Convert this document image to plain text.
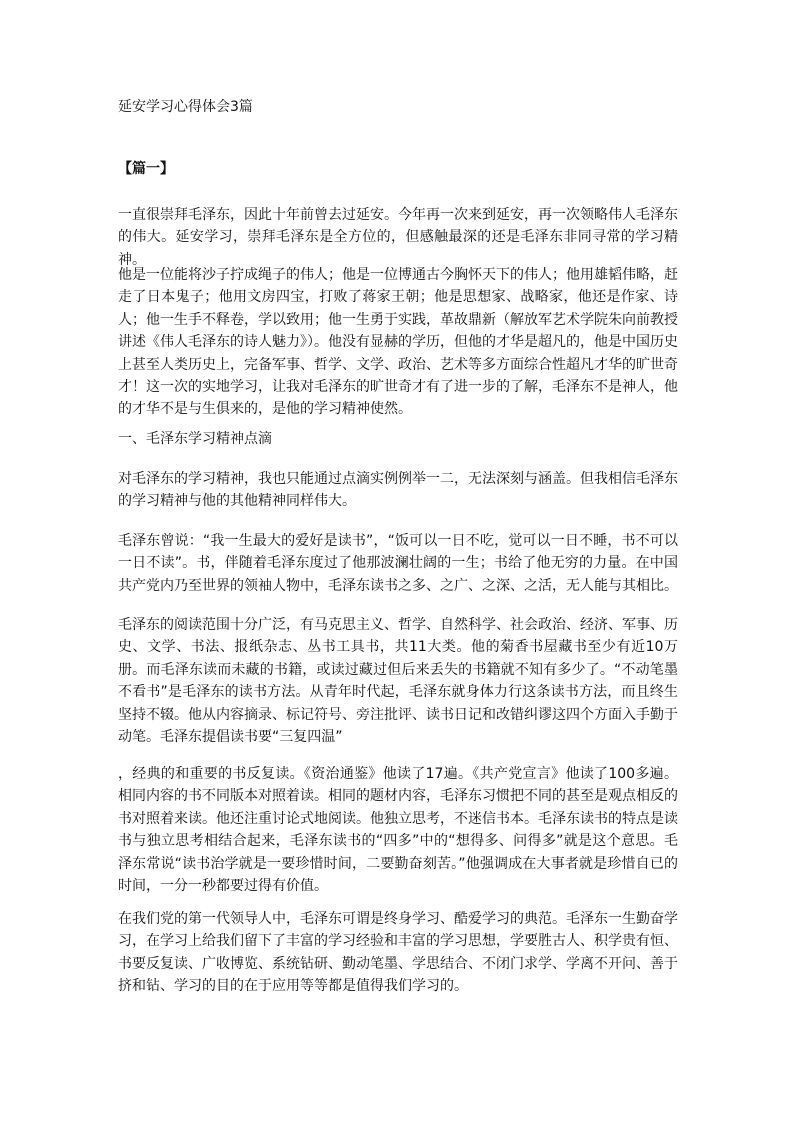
延安学习心得体会3篇
【篇一】

一直很崇拜毛泽东，因此十年前曾去过延安。今年再一次来到延安，再一次领略伟人毛泽东的伟大。延安学习，崇拜毛泽东是全方位的，但感触最深的还是毛泽东非同寻常的学习精神。

他是一位能将沙子拧成绳子的伟人；他是一位博通古今胸怀天下的伟人；他用雄韬伟略，赶走了日本鬼子；他用文房四宝，打败了蒋家王朝；他是思想家、战略家，他还是作家、诗人；他一生手不释卷，学以致用；他一生勇于实践，革故鼎新（解放军艺术学院朱向前教授讲述《伟人毛泽东的诗人魅力》）。他没有显赫的学历，但他的才华是超凡的，他是中国历史上甚至人类历史上，完备军事、哲学、文学、政治、艺术等多方面综合性超凡才华的旷世奇才！这一次的实地学习，让我对毛泽东的旷世奇才有了进一步的了解，毛泽东不是神人，他的才华不是与生俱来的，是他的学习精神使然。

一、毛泽东学习精神点滴

对毛泽东的学习精神，我也只能通过点滴实例例举一二，无法深刻与涵盖。但我相信毛泽东的学习精神与他的其他精神同样伟大。

毛泽东曾说：“我一生最大的爱好是读书”，“饭可以一日不吃，觉可以一日不睡，书不可以一日不读”。书，伴随着毛泽东度过了他那波澜壮阔的一生；书给了他无穷的力量。在中国共产党内乃至世界的领袖人物中，毛泽东读书之多、之广、之深、之活，无人能与其相比。

毛泽东的阅读范围十分广泛，有马克思主义、哲学、自然科学、社会政治、经济、军事、历史、文学、书法、报纸杂志、丛书工具书，共11大类。他的菊香书屋藏书至少有近10万册。而毛泽东读而未藏的书籍，或读过藏过但后来丢失的书籍就不知有多少了。“不动笔墨不看书”是毛泽东的读书方法。从青年时代起，毛泽东就身体力行这条读书方法，而且终生坚持不辍。他从内容摘录、标记符号、旁注批评、读书日记和改错纠谬这四个方面入手勤于动笔。毛泽东提倡读书要“三复四温”

，经典的和重要的书反复读。《资治通鉴》他读了17遍。《共产党宣言》他读了100多遍。相同内容的书不同版本对照着读。相同的题材内容，毛泽东习惯把不同的甚至是观点相反的书对照着来读。他还注重讨论式地阅读。他独立思考，不迷信书本。毛泽东读书的特点是读书与独立思考相结合起来，毛泽东读书的“四多”中的“想得多、问得多”就是这个意思。毛泽东常说“读书治学就是一要珍惜时间，二要勤奋刻苦。”他强调成在大事者就是珍惜自已的时间，一分一秒都要过得有价值。

在我们党的第一代领导人中，毛泽东可谓是终身学习、酷爱学习的典范。毛泽东一生勤奋学习，在学习上给我们留下了丰富的学习经验和丰富的学习思想，学要胜古人、积学贵有恒、书要反复读、广收博览、系统钻研、勤动笔墨、学思结合、不闭门求学、学离不开问、善于挤和钻、学习的目的在于应用等等都是值得我们学习的。
